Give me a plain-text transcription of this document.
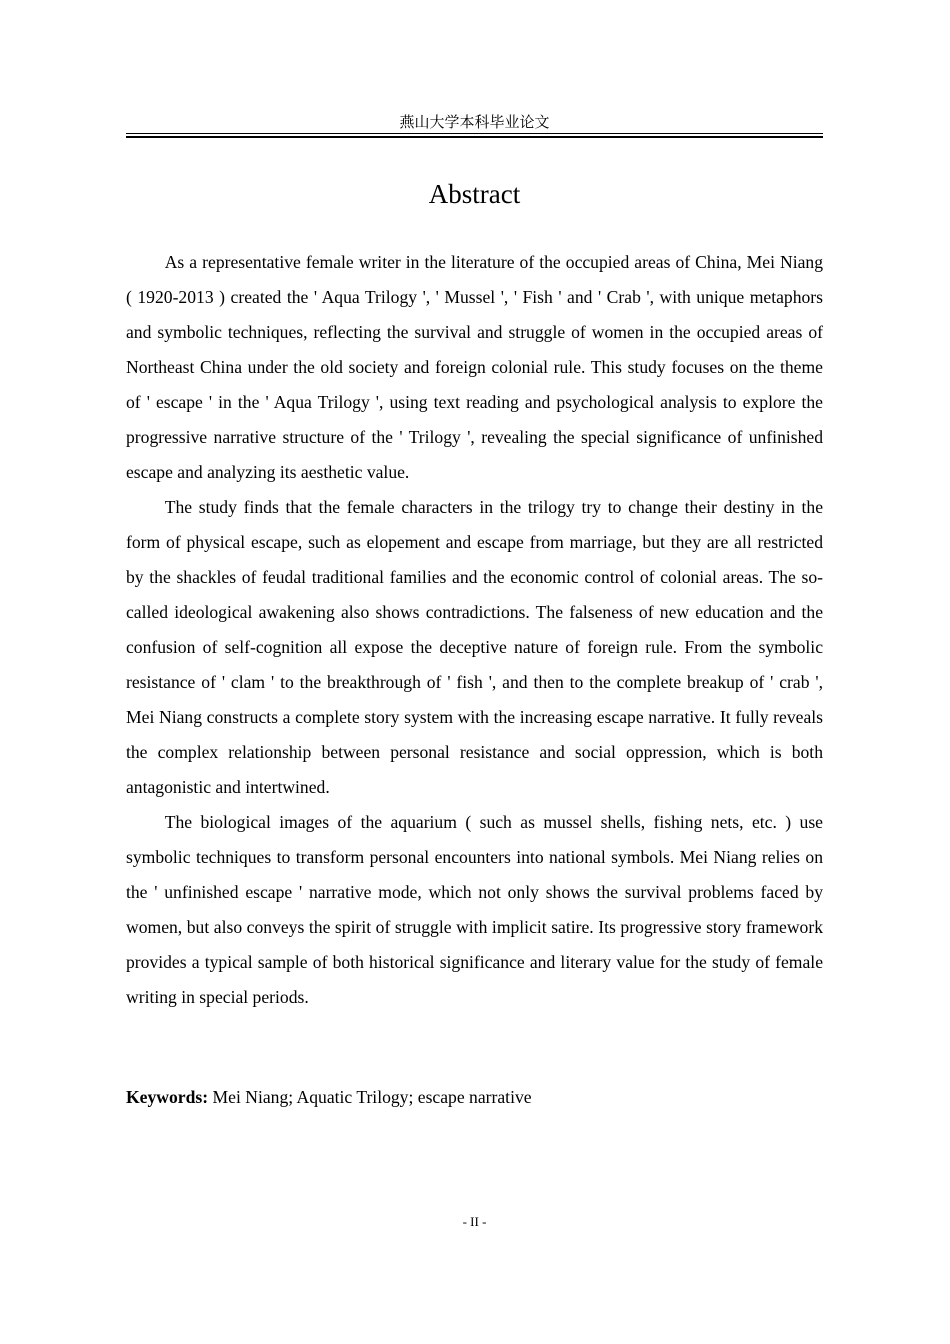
燕山大学本科毕业论文
Abstract

As a representative female writer in the literature of the occupied areas of China, Mei Niang ( 1920-2013 ) created the ' Aqua Trilogy ', ' Mussel ', ' Fish ' and ' Crab ', with unique metaphors and symbolic techniques, reflecting the survival and struggle of women in the occupied areas of Northeast China under the old society and foreign colonial rule. This study focuses on the theme of ' escape ' in the ' Aqua Trilogy ', using text reading and psychological analysis to explore the progressive narrative structure of the ' Trilogy ', revealing the special significance of unfinished escape and analyzing its aesthetic value.

The study finds that the female characters in the trilogy try to change their destiny in the form of physical escape, such as elopement and escape from marriage, but they are all restricted by the shackles of feudal traditional families and the economic control of colonial areas. The so-called ideological awakening also shows contradictions. The falseness of new education and the confusion of self-cognition all expose the deceptive nature of foreign rule. From the symbolic resistance of ' clam ' to the breakthrough of ' fish ', and then to the complete breakup of ' crab ', Mei Niang constructs a complete story system with the increasing escape narrative. It fully reveals the complex relationship between personal resistance and social oppression, which is both antagonistic and intertwined.

The biological images of the aquarium ( such as mussel shells, fishing nets, etc. ) use symbolic techniques to transform personal encounters into national symbols. Mei Niang relies on the ' unfinished escape ' narrative mode, which not only shows the survival problems faced by women, but also conveys the spirit of struggle with implicit satire. Its progressive story framework provides a typical sample of both historical significance and literary value for the study of female writing in special periods.

Keywords: Mei Niang; Aquatic Trilogy; escape narrative
- II -
